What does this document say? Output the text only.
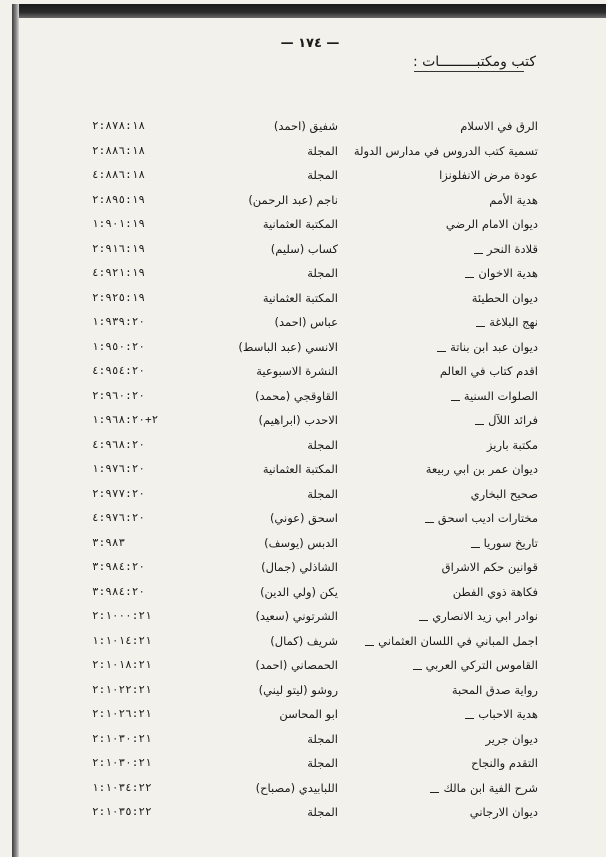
— ١٧٤ —
كتب ومكتبـــــــــات :
الرق في الاسلام
شفيق (احمد)
٢:٨٧٨:١٨
تسمية كتب الدروس في مدارس الدولة
المجلة
٢:٨٨٦:١٨
عودة مرض الانفلونزا
المجلة
٤:٨٨٦:١٨
هدية الأمم
ناجم (عبد الرحمن)
٢:٨٩٥:١٩
ديوان الامام الرضي
المكتبة العثمانية
١:٩٠١:١٩
قلادة النحر
كساب (سليم)
٢:٩١٦:١٩
هدية الاخوان
المجلة
٤:٩٢١:١٩
ديوان الحطيئة
المكتبة العثمانية
٢:٩٢٥:١٩
نهج البلاغة
عباس (احمد)
١:٩٣٩:٢٠
ديوان عبد ابن بناتة
الانسي (عبد الباسط)
١:٩٥٠:٢٠
اقدم كتاب في العالم
النشرة الاسبوعية
٤:٩٥٤:٢٠
الصلوات السنية
القاوقجي (محمد)
٢:٩٦٠:٢٠
فرائد اللآل
الاحدب (ابراهيم)
٢+١:٩٦٨:٢٠
مكتبة باريز
المجلة
٤:٩٦٨:٢٠
ديوان عمر بن ابي ربيعة
المكتبة العثمانية
١:٩٧٦:٢٠
صحيح البخاري
المجلة
٢:٩٧٧:٢٠
مختارات اديب اسحق
اسحق (عوني)
٤:٩٧٦:٢٠
تاريخ سوريا
الدبس (يوسف)
٣:٩٨٣
قوانين حكم الاشراق
الشاذلي (جمال)
٣:٩٨٤:٢٠
فكاهة ذوي الفطن
يكن (ولي الدين)
٣:٩٨٤:٢٠
نوادر ابي زيد الانصاري
الشرتوني (سعيد)
٢:١٠٠٠:٢١
اجمل المباني في اللسان العثماني
شريف (كمال)
١:١٠١٤:٢١
القاموس التركي العربي
الحمصاني (احمد)
٢:١٠١٨:٢١
رواية صدق المحبة
روشو (ليتو ليني)
٢:١٠٢٢:٢١
هدية الاحباب
ابو المحاسن
٢:١٠٢٦:٢١
ديوان جرير
المجلة
٢:١٠٣٠:٢١
التقدم والنجاح
المجلة
٢:١٠٣٠:٢١
شرح الفية ابن مالك
اللبابيدي (مصباح)
١:١٠٣٤:٢٢
ديوان الارجاني
المجلة
٢:١٠٣٥:٢٢
